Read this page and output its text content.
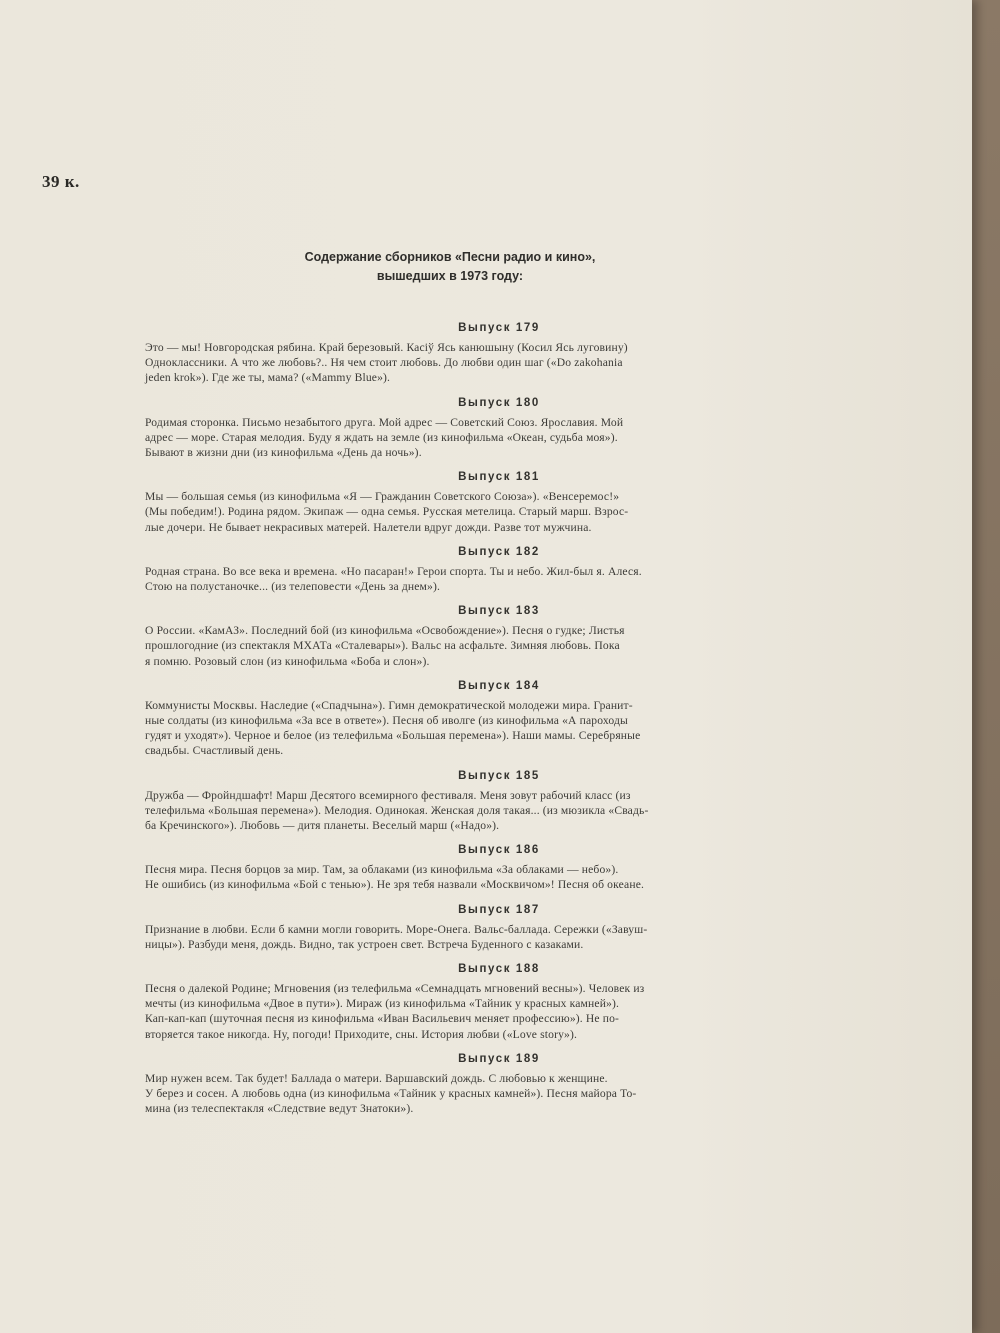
39 к.
Содержание сборников «Песни радио и кино»,
вышедших в 1973 году:
Выпуск 179
Это — мы! Новгородская рябина. Край березовый. Касіў Ясь канюшыну (Косил Ясь луговину)
Одноклассники. А что же любовь?.. Ня чем стоит любовь. До любви один шаг («Do zakohania
jeden krok»). Где же ты, мама? («Mammy Blue»).
Выпуск 180
Родимая сторонка. Письмо незабытого друга. Мой адрес — Советский Союз. Ярославия. Мой
адрес — море. Старая мелодия. Буду я ждать на земле (из кинофильма «Океан, судьба моя»).
Бывают в жизни дни (из кинофильма «День да ночь»).
Выпуск 181
Мы — большая семья (из кинофильма «Я — Гражданин Советского Союза»). «Венсеремос!»
(Мы победим!). Родина рядом. Экипаж — одна семья. Русская метелица. Старый марш. Взрос-
лые дочери. Не бывает некрасивых матерей. Налетели вдруг дожди. Разве тот мужчина.
Выпуск 182
Родная страна. Во все века и времена. «Но пасаран!» Герои спорта. Ты и небо. Жил-был я. Алеся.
Стою на полустаночке... (из телеповести «День за днем»).
Выпуск 183
О России. «КамАЗ». Последний бой (из кинофильма «Освобождение»). Песня о гудке; Листья
прошлогодние (из спектакля МХАТа «Сталевары»). Вальс на асфальте. Зимняя любовь. Пока
я помню. Розовый слон (из кинофильма «Боба и слон»).
Выпуск 184
Коммунисты Москвы. Наследие («Спадчына»). Гимн демократической молодежи мира. Гранит-
ные солдаты (из кинофильма «За все в ответе»). Песня об иволге (из кинофильма «А пароходы
гудят и уходят»). Черное и белое (из телефильма «Большая перемена»). Наши мамы. Серебряные
свадьбы. Счастливый день.
Выпуск 185
Дружба — Фройндшафт! Марш Десятого всемирного фестиваля. Меня зовут рабочий класс (из
телефильма «Большая перемена»). Мелодия. Одинокая. Женская доля такая... (из мюзикла «Свадь-
ба Кречинского»). Любовь — дитя планеты. Веселый марш («Надо»).
Выпуск 186
Песня мира. Песня борцов за мир. Там, за облаками (из кинофильма «За облаками — небо»).
Не ошибись (из кинофильма «Бой с тенью»). Не зря тебя назвали «Москвичом»! Песня об океане.
Выпуск 187
Признание в любви. Если б камни могли говорить. Море-Онега. Вальс-баллада. Сережки («Завуш-
ницы»). Разбуди меня, дождь. Видно, так устроен свет. Встреча Буденного с казаками.
Выпуск 188
Песня о далекой Родине; Мгновения (из телефильма «Семнадцать мгновений весны»). Человек из
мечты (из кинофильма «Двое в пути»). Мираж (из кинофильма «Тайник у красных камней»).
Кап-кап-кап (шуточная песня из кинофильма «Иван Васильевич меняет профессию»). Не по-
вторяется такое никогда. Ну, погоди! Приходите, сны. История любви («Love story»).
Выпуск 189
Мир нужен всем. Так будет! Баллада о матери. Варшавский дождь. С любовью к женщине.
У берез и сосен. А любовь одна (из кинофильма «Тайник у красных камней»). Песня майора То-
мина (из телеспектакля «Следствие ведут Знатоки»).
